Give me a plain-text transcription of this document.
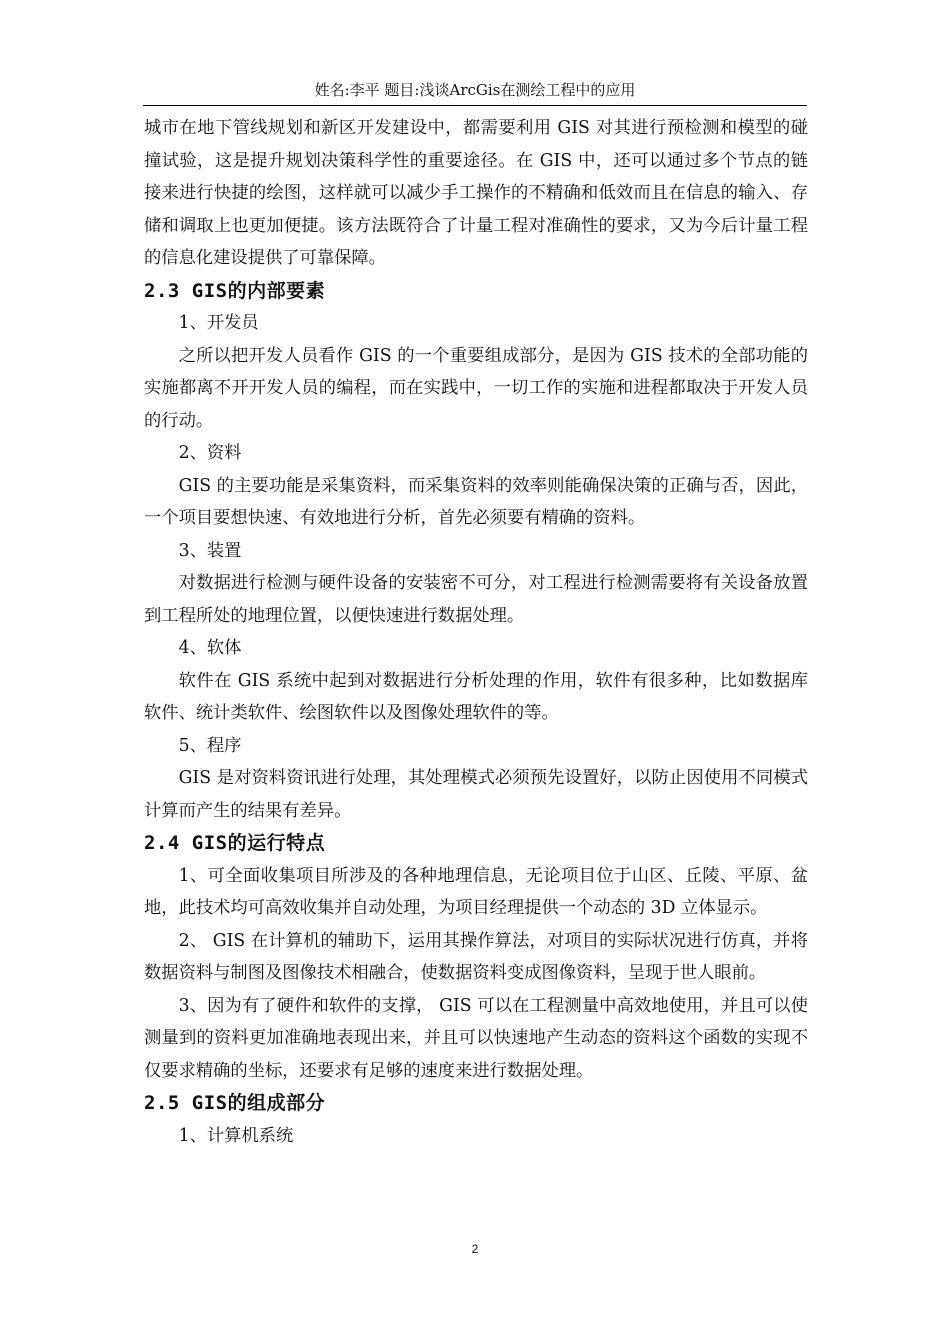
姓名:李平 题目:浅谈ArcGis在测绘工程中的应用

城市在地下管线规划和新区开发建设中，都需要利用 GIS 对其进行预检测和模型的碰撞试验，这是提升规划决策科学性的重要途径。在 GIS 中，还可以通过多个节点的链接来进行快捷的绘图，这样就可以减少手工操作的不精确和低效而且在信息的输入、存储和调取上也更加便捷。该方法既符合了计量工程对准确性的要求，又为今后计量工程的信息化建设提供了可靠保障。

2.3 GIS的内部要素

1、开发员

之所以把开发人员看作 GIS 的一个重要组成部分，是因为 GIS 技术的全部功能的实施都离不开开发人员的编程，而在实践中，一切工作的实施和进程都取决于开发人员的行动。

2、资料

GIS 的主要功能是采集资料，而采集资料的效率则能确保决策的正确与否，因此，一个项目要想快速、有效地进行分析，首先必须要有精确的资料。

3、装置

对数据进行检测与硬件设备的安装密不可分，对工程进行检测需要将有关设备放置到工程所处的地理位置，以便快速进行数据处理。

4、软体

软件在 GIS 系统中起到对数据进行分析处理的作用，软件有很多种，比如数据库软件、统计类软件、绘图软件以及图像处理软件的等。

5、程序

GIS 是对资料资讯进行处理，其处理模式必须预先设置好，以防止因使用不同模式计算而产生的结果有差异。

2.4 GIS的运行特点

1、可全面收集项目所涉及的各种地理信息，无论项目位于山区、丘陵、平原、盆地，此技术均可高效收集并自动处理，为项目经理提供一个动态的 3D 立体显示。

2、 GIS 在计算机的辅助下，运用其操作算法，对项目的实际状况进行仿真，并将数据资料与制图及图像技术相融合，使数据资料变成图像资料，呈现于世人眼前。

3、因为有了硬件和软件的支撑， GIS 可以在工程测量中高效地使用，并且可以使测量到的资料更加准确地表现出来，并且可以快速地产生动态的资料这个函数的实现不仅要求精确的坐标，还要求有足够的速度来进行数据处理。

2.5 GIS的组成部分

1、计算机系统

2
